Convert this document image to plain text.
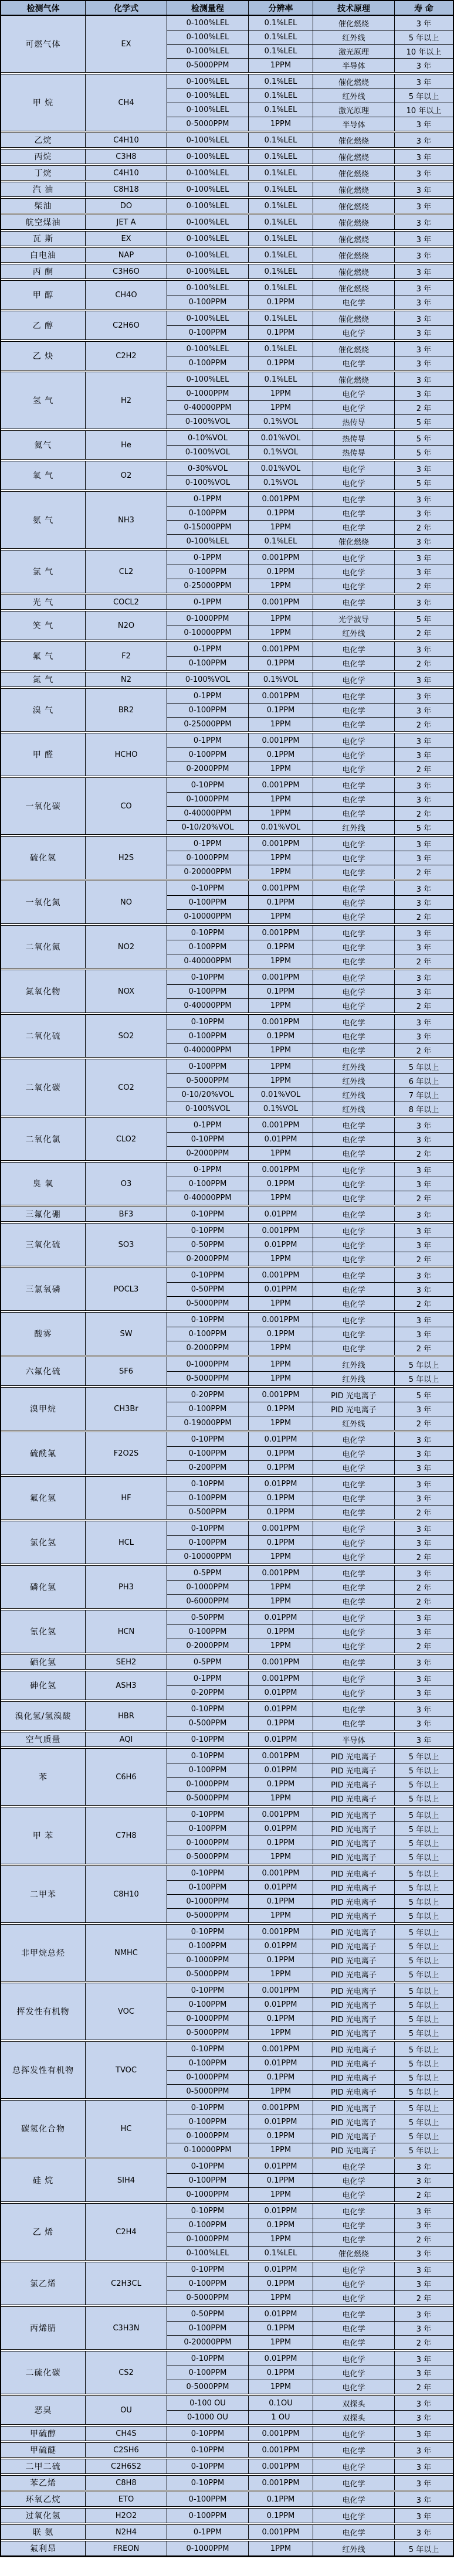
检测气体	化学式	检测量程	分辨率	技术原理	寿 命
可燃气体	EX
0-100%LEL	0.1%LEL	催化燃烧	3 年
0-100%LEL	0.1%LEL	红外线	5 年以上
0-100%LEL	0.1%LEL	激光原理	10 年以上
0-5000PPM	1PPM	半导体	3 年
甲 烷	CH4
0-100%LEL	0.1%LEL	催化燃烧	3 年
0-100%LEL	0.1%LEL	红外线	5 年以上
0-100%LEL	0.1%LEL	激光原理	10 年以上
0-5000PPM	1PPM	半导体	3 年
乙烷	C4H10	0-100%LEL	0.1%LEL	催化燃烧	3 年
丙烷	C3H8	0-100%LEL	0.1%LEL	催化燃烧	3 年
丁烷	C4H10	0-100%LEL	0.1%LEL	催化燃烧	3 年
汽 油	C8H18	0-100%LEL	0.1%LEL	催化燃烧	3 年
柴油	DO	0-100%LEL	0.1%LEL	催化燃烧	3 年
航空煤油	JET A	0-100%LEL	0.1%LEL	催化燃烧	3 年
瓦 斯	EX	0-100%LEL	0.1%LEL	催化燃烧	3 年
白电油	NAP	0-100%LEL	0.1%LEL	催化燃烧	3 年
丙 酮	C3H6O	0-100%LEL	0.1%LEL	催化燃烧	3 年
甲 醇	CH4O
0-100%LEL	0.1%LEL	催化燃烧	3 年
0-100PPM	0.1PPM	电化学	3 年
乙 醇	C2H6O
0-100%LEL	0.1%LEL	催化燃烧	3 年
0-100PPM	0.1PPM	电化学	3 年
乙 炔	C2H2
0-100%LEL	0.1%LEL	催化燃烧	3 年
0-100PPM	0.1PPM	电化学	3 年
氢 气	H2
0-100%LEL	0.1%LEL	催化燃烧	3 年
0-1000PPM	1PPM	电化学	3 年
0-40000PPM	1PPM	电化学	2 年
0-100%VOL	0.1%VOL	热传导	5 年
氦气	He
0-10%VOL	0.01%VOL	热传导	5 年
0-100%VOL	0.1%VOL	热传导	5 年
氧 气	O2
0-30%VOL	0.01%VOL	电化学	3 年
0-100%VOL	0.1%VOL	电化学	5 年
氨 气	NH3
0-1PPM	0.001PPM	电化学	3 年
0-100PPM	0.1PPM	电化学	3 年
0-15000PPM	1PPM	电化学	2 年
0-100%LEL	0.1%LEL	催化燃烧	3 年
氯 气	CL2
0-1PPM	0.001PPM	电化学	3 年
0-100PPM	0.1PPM	电化学	3 年
0-25000PPM	1PPM	电化学	2 年
光 气	COCL2	0-1PPM	0.001PPM	电化学	3 年
笑 气	N2O
0-1000PPM	1PPM	光学波导	5 年
0-10000PPM	1PPM	红外线	2 年
氟 气	F2
0-1PPM	0.001PPM	电化学	3 年
0-100PPM	0.1PPM	电化学	2 年
氮 气	N2	0-100%VOL	0.1%VOL	电化学	3 年
溴 气	BR2
0-1PPM	0.001PPM	电化学	3 年
0-100PPM	0.1PPM	电化学	3 年
0-25000PPM	1PPM	电化学	2 年
甲 醛	HCHO
0-1PPM	0.001PPM	电化学	3 年
0-100PPM	0.1PPM	电化学	3 年
0-2000PPM	1PPM	电化学	2 年
一氧化碳	CO
0-10PPM	0.001PPM	电化学	3 年
0-1000PPM	1PPM	电化学	3 年
0-40000PPM	1PPM	电化学	2 年
0-10/20%VOL	0.01%VOL	红外线	5 年
硫化氢	H2S
0-1PPM	0.001PPM	电化学	3 年
0-1000PPM	1PPM	电化学	3 年
0-20000PPM	1PPM	电化学	2 年
一氧化氮	NO
0-10PPM	0.001PPM	电化学	3 年
0-100PPM	0.1PPM	电化学	3 年
0-10000PPM	1PPM	电化学	2 年
二氧化氮	NO2
0-10PPM	0.001PPM	电化学	3 年
0-100PPM	0.1PPM	电化学	3 年
0-40000PPM	1PPM	电化学	2 年
氮氧化物	NOX
0-10PPM	0.001PPM	电化学	3 年
0-100PPM	0.1PPM	电化学	3 年
0-40000PPM	1PPM	电化学	2 年
二氧化硫	SO2
0-10PPM	0.001PPM	电化学	3 年
0-100PPM	0.1PPM	电化学	3 年
0-40000PPM	1PPM	电化学	2 年
二氧化碳	CO2
0-100PPM	1PPM	红外线	5 年以上
0-5000PPM	1PPM	红外线	6 年以上
0-10/20%VOL	0.01%VOL	红外线	7 年以上
0-100%VOL	0.1%VOL	红外线	8 年以上
二氧化氯	CLO2
0-1PPM	0.001PPM	电化学	3 年
0-10PPM	0.01PPM	电化学	3 年
0-2000PPM	1PPM	电化学	2 年
臭 氧	O3
0-1PPM	0.001PPM	电化学	3 年
0-100PPM	0.1PPM	电化学	3 年
0-40000PPM	1PPM	电化学	2 年
三氟化硼	BF3	0-10PPM	0.01PPM	电化学	3 年
三氧化硫	SO3
0-10PPM	0.001PPM	电化学	3 年
0-50PPM	0.01PPM	电化学	3 年
0-2000PPM	1PPM	电化学	2 年
三氯氧磷	POCL3
0-10PPM	0.001PPM	电化学	3 年
0-50PPM	0.01PPM	电化学	3 年
0-5000PPM	1PPM	电化学	2 年
酸雾	SW
0-10PPM	0.001PPM	电化学	3 年
0-100PPM	0.1PPM	电化学	3 年
0-2000PPM	1PPM	电化学	2 年
六氟化硫	SF6
0-1000PPM	1PPM	红外线	5 年以上
0-5000PPM	1PPM	红外线	5 年以上
溴甲烷	CH3Br
0-20PPM	0.001PPM	PID 光电离子	5 年
0-100PPM	0.1PPM	PID 光电离子	3 年
0-19000PPM	1PPM	红外线	2 年
硫酰氟	F2O2S
0-10PPM	0.01PPM	电化学	3 年
0-100PPM	0.1PPM	电化学	3 年
0-200PPM	0.1PPM	电化学	3 年
氟化氢	HF
0-10PPM	0.01PPM	电化学	3 年
0-100PPM	0.1PPM	电化学	3 年
0-500PPM	0.1PPM	电化学	2 年
氯化氢	HCL
0-10PPM	0.001PPM	电化学	3 年
0-100PPM	0.1PPM	电化学	3 年
0-10000PPM	1PPM	电化学	2 年
磷化氢	PH3
0-5PPM	0.001PPM	电化学	3 年
0-1000PPM	1PPM	电化学	2 年
0-6000PPM	1PPM	电化学	2 年
氰化氢	HCN
0-50PPM	0.01PPM	电化学	3 年
0-100PPM	0.1PPM	电化学	3 年
0-2000PPM	1PPM	电化学	2 年
硒化氢	SEH2	0-5PPM	0.001PPM	电化学	3 年
砷化氢	ASH3
0-1PPM	0.001PPM	电化学	3 年
0-20PPM	0.01PPM	电化学	3 年
溴化氢/氢溴酸	HBR
0-10PPM	0.01PPM	电化学	3 年
0-500PPM	0.1PPM	电化学	3 年
空气质量	AQI	0-10PPM	0.01PPM	半导体	3 年
苯	C6H6
0-10PPM	0.001PPM	PID 光电离子	5 年以上
0-100PPM	0.01PPM	PID 光电离子	5 年以上
0-1000PPM	0.1PPM	PID 光电离子	5 年以上
0-5000PPM	1PPM	PID 光电离子	5 年以上
甲 苯	C7H8
0-10PPM	0.001PPM	PID 光电离子	5 年以上
0-100PPM	0.01PPM	PID 光电离子	5 年以上
0-1000PPM	0.1PPM	PID 光电离子	5 年以上
0-5000PPM	1PPM	PID 光电离子	5 年以上
二甲苯	C8H10
0-10PPM	0.001PPM	PID 光电离子	5 年以上
0-100PPM	0.01PPM	PID 光电离子	5 年以上
0-1000PPM	0.1PPM	PID 光电离子	5 年以上
0-5000PPM	1PPM	PID 光电离子	5 年以上
非甲烷总烃	NMHC
0-10PPM	0.001PPM	PID 光电离子	5 年以上
0-100PPM	0.01PPM	PID 光电离子	5 年以上
0-1000PPM	0.1PPM	PID 光电离子	5 年以上
0-5000PPM	1PPM	PID 光电离子	5 年以上
挥发性有机物	VOC
0-10PPM	0.001PPM	PID 光电离子	5 年以上
0-100PPM	0.01PPM	PID 光电离子	5 年以上
0-1000PPM	0.1PPM	PID 光电离子	5 年以上
0-5000PPM	1PPM	PID 光电离子	5 年以上
总挥发性有机物	TVOC
0-10PPM	0.001PPM	PID 光电离子	5 年以上
0-100PPM	0.01PPM	PID 光电离子	5 年以上
0-1000PPM	0.1PPM	PID 光电离子	5 年以上
0-5000PPM	1PPM	PID 光电离子	5 年以上
碳氢化合物	HC
0-10PPM	0.001PPM	PID 光电离子	5 年以上
0-100PPM	0.01PPM	PID 光电离子	5 年以上
0-1000PPM	0.1PPM	PID 光电离子	5 年以上
0-10000PPM	1PPM	PID 光电离子	5 年以上
硅 烷	SIH4
0-10PPM	0.01PPM	电化学	3 年
0-100PPM	0.1PPM	电化学	3 年
0-1000PPM	1PPM	电化学	2 年
乙 烯	C2H4
0-10PPM	0.01PPM	电化学	3 年
0-100PPM	0.1PPM	电化学	3 年
0-1000PPM	1PPM	电化学	2 年
0-100%LEL	0.1%LEL	催化燃烧	3 年
氯乙烯	C2H3CL
0-10PPM	0.01PPM	电化学	3 年
0-100PPM	0.1PPM	电化学	3 年
0-5000PPM	1PPM	电化学	2 年
丙烯腈	C3H3N
0-50PPM	0.01PPM	电化学	3 年
0-100PPM	0.1PPM	电化学	3 年
0-20000PPM	1PPM	电化学	2 年
二硫化碳	CS2
0-10PPM	0.01PPM	电化学	3 年
0-100PPM	0.1PPM	电化学	3 年
0-5000PPM	1PPM	电化学	2 年
恶臭	OU
0-100 OU	0.1OU	双探头	3 年
0-1000 OU	1 OU	双探头	3 年
甲硫醇	CH4S	0-10PPM	0.001PPM	电化学	3 年
甲硫醚	C2SH6	0-10PPM	0.001PPM	电化学	3 年
二甲二硫	C2H6S2	0-10PPM	0.001PPM	电化学	3 年
苯乙烯	C8H8	0-10PPM	0.001PPM	电化学	3 年
环氧乙烷	ETO	0-100PPM	0.1PPM	电化学	3 年
过氧化氢	H2O2	0-100PPM	0.1PPM	电化学	3 年
联 氨	N2H4	0-1PPM	0.001PPM	电化学	3 年
氟利昂	FREON	0-1000PPM	1PPM	红外线	5 年以上
